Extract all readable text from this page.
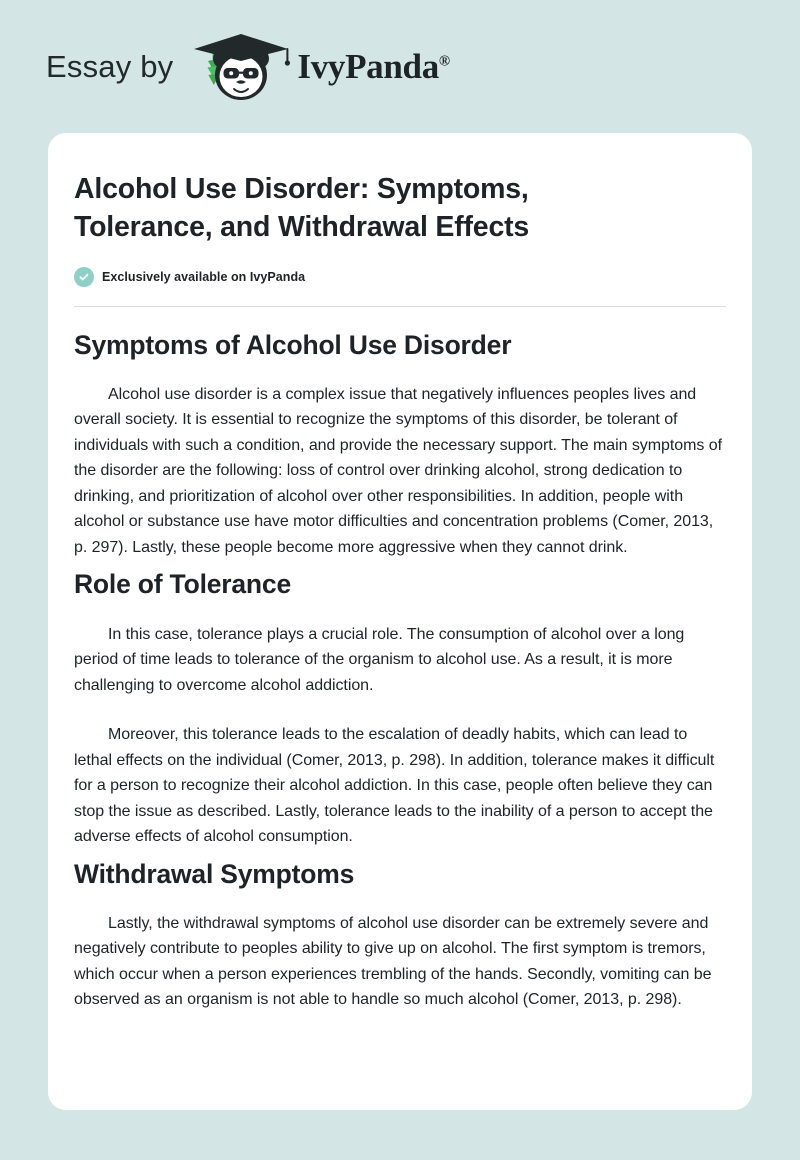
Essay by	IvyPanda®
Alcohol Use Disorder: Symptoms, Tolerance, and Withdrawal Effects
Exclusively available on IvyPanda
Symptoms of Alcohol Use Disorder

Alcohol use disorder is a complex issue that negatively influences peoples lives and overall society. It is essential to recognize the symptoms of this disorder, be tolerant of individuals with such a condition, and provide the necessary support. The main symptoms of the disorder are the following: loss of control over drinking alcohol, strong dedication to drinking, and prioritization of alcohol over other responsibilities. In addition, people with alcohol or substance use have motor difficulties and concentration problems (Comer, 2013, p. 297). Lastly, these people become more aggressive when they cannot drink.

Role of Tolerance

In this case, tolerance plays a crucial role. The consumption of alcohol over a long period of time leads to tolerance of the organism to alcohol use. As a result, it is more challenging to overcome alcohol addiction.

Moreover, this tolerance leads to the escalation of deadly habits, which can lead to lethal effects on the individual (Comer, 2013, p. 298). In addition, tolerance makes it difficult for a person to recognize their alcohol addiction. In this case, people often believe they can stop the issue as described. Lastly, tolerance leads to the inability of a person to accept the adverse effects of alcohol consumption.

Withdrawal Symptoms

Lastly, the withdrawal symptoms of alcohol use disorder can be extremely severe and negatively contribute to peoples ability to give up on alcohol. The first symptom is tremors, which occur when a person experiences trembling of the hands. Secondly, vomiting can be observed as an organism is not able to handle so much alcohol (Comer, 2013, p. 298).
